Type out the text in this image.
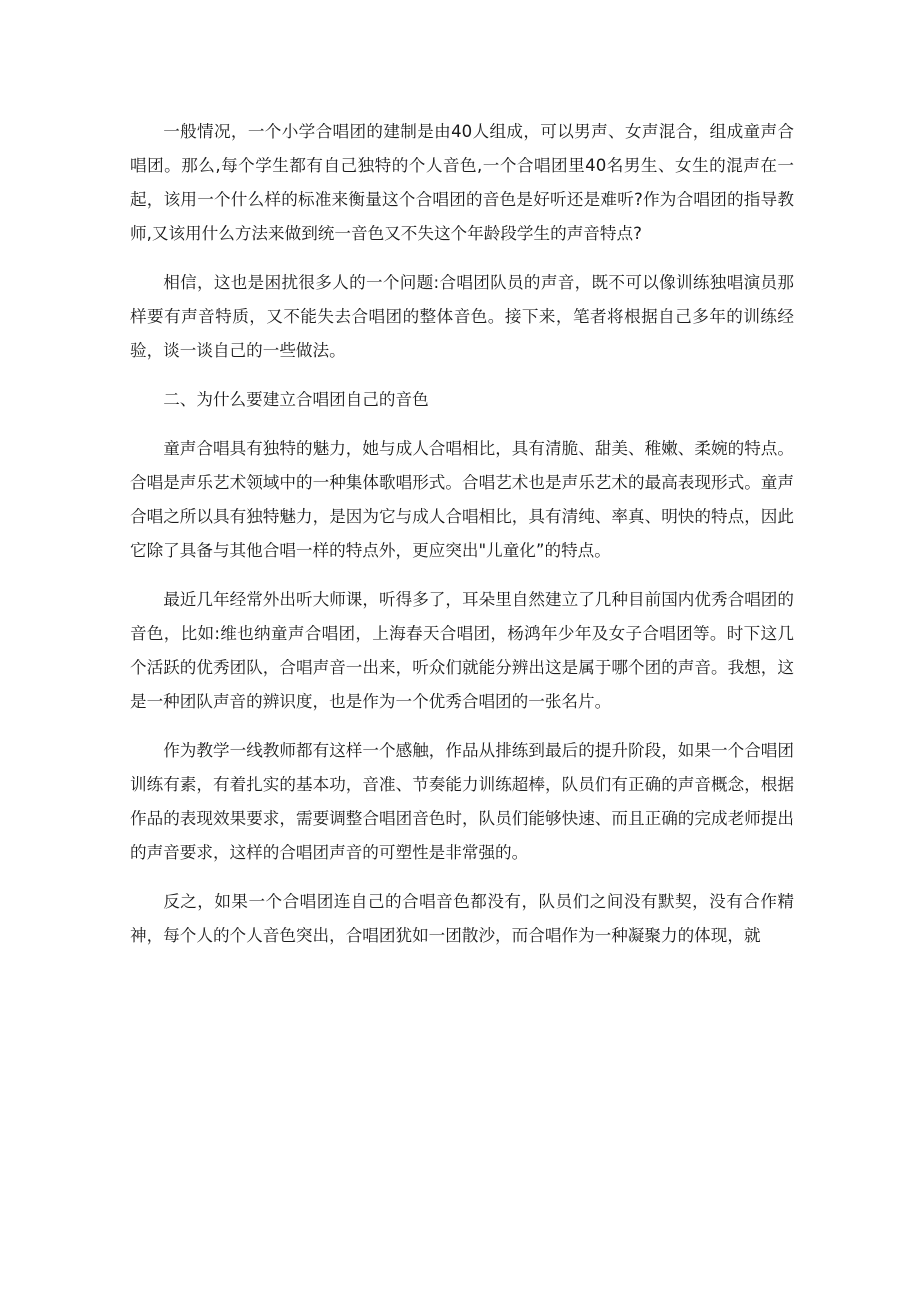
一般情况，一个小学合唱团的建制是由40人组成，可以男声、女声混合，组成童声合唱团。那么,每个学生都有自己独特的个人音色,一个合唱团里40名男生、女生的混声在一起，该用一个什么样的标准来衡量这个合唱团的音色是好听还是难听?作为合唱团的指导教师,又该用什么方法来做到统一音色又不失这个年龄段学生的声音特点?

相信，这也是困扰很多人的一个问题:合唱团队员的声音，既不可以像训练独唱演员那样要有声音特质，又不能失去合唱团的整体音色。接下来，笔者将根据自己多年的训练经验，谈一谈自己的一些做法。

二、为什么要建立合唱团自己的音色

童声合唱具有独特的魅力，她与成人合唱相比，具有清脆、甜美、稚嫩、柔婉的特点。合唱是声乐艺术领域中的一种集体歌唱形式。合唱艺术也是声乐艺术的最高表现形式。童声合唱之所以具有独特魅力，是因为它与成人合唱相比，具有清纯、率真、明快的特点，因此它除了具备与其他合唱一样的特点外，更应突出"儿童化”的特点。

最近几年经常外出听大师课，听得多了，耳朵里自然建立了几种目前国内优秀合唱团的音色，比如:维也纳童声合唱团，上海春天合唱团，杨鸿年少年及女子合唱团等。时下这几个活跃的优秀团队，合唱声音一出来，听众们就能分辨出这是属于哪个团的声音。我想，这是一种团队声音的辨识度，也是作为一个优秀合唱团的一张名片。

作为教学一线教师都有这样一个感触，作品从排练到最后的提升阶段，如果一个合唱团训练有素，有着扎实的基本功，音准、节奏能力训练超棒，队员们有正确的声音概念，根据作品的表现效果要求，需要调整合唱团音色时，队员们能够快速、而且正确的完成老师提出的声音要求，这样的合唱团声音的可塑性是非常强的。

反之，如果一个合唱团连自己的合唱音色都没有，队员们之间没有默契，没有合作精神，每个人的个人音色突出，合唱团犹如一团散沙，而合唱作为一种凝聚力的体现，就
